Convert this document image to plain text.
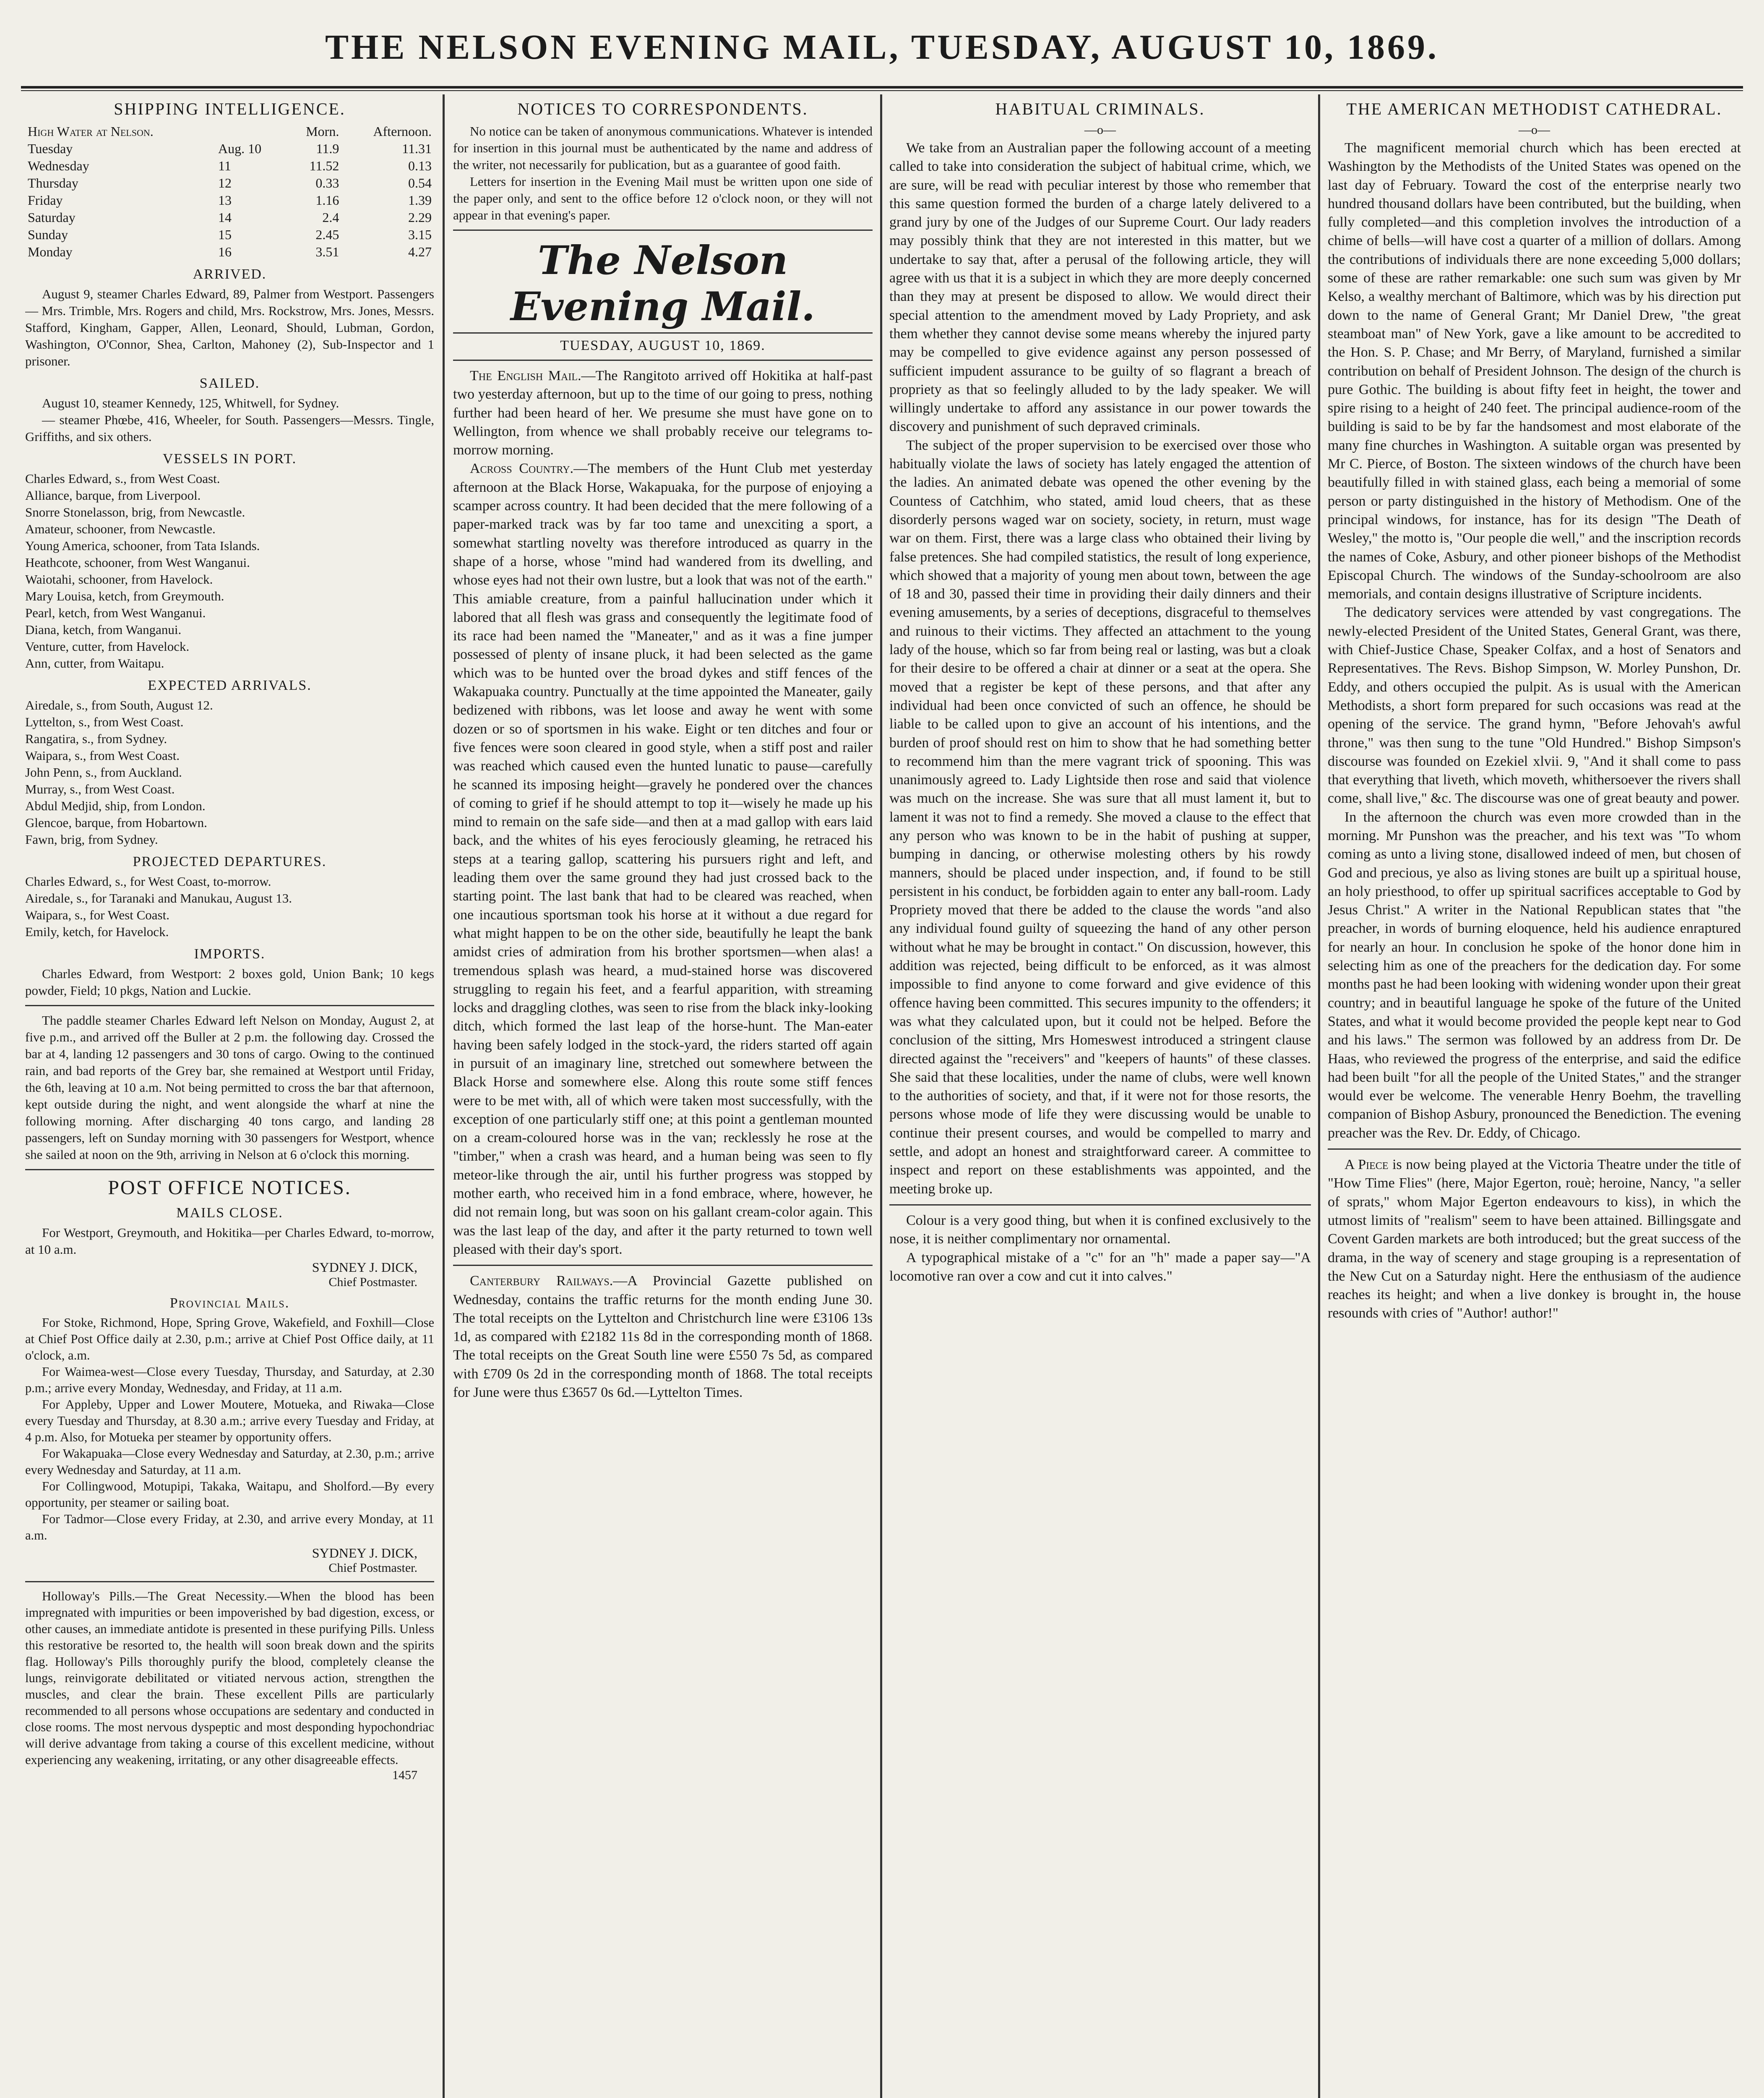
THE NELSON EVENING MAIL, TUESDAY, AUGUST 10, 1869.
SHIPPING INTELLIGENCE.
High Water at Nelson.		Morn.	Afternoon.
Tuesday	Aug. 10	11.9	11.31
Wednesday	11	11.52	0.13
Thursday	12	0.33	0.54
Friday	13	1.16	1.39
Saturday	14	2.4	2.29
Sunday	15	2.45	3.15
Monday	16	3.51	4.27
ARRIVED.

August 9, steamer Charles Edward, 89, Palmer from Westport. Passengers — Mrs. Trimble, Mrs. Rogers and child, Mrs. Rockstrow, Mrs. Jones, Messrs. Stafford, Kingham, Gapper, Allen, Leonard, Should, Lubman, Gordon, Washington, O'Connor, Shea, Carlton, Mahoney (2), Sub-Inspector and 1 prisoner.

SAILED.

August 10, steamer Kennedy, 125, Whitwell, for Sydney.

— steamer Phœbe, 416, Wheeler, for South. Passengers—Messrs. Tingle, Griffiths, and six others.

VESSELS IN PORT.

Charles Edward, s., from West Coast.

Alliance, barque, from Liverpool.

Snorre Stonelasson, brig, from Newcastle.

Amateur, schooner, from Newcastle.

Young America, schooner, from Tata Islands.

Heathcote, schooner, from West Wanganui.

Waiotahi, schooner, from Havelock.

Mary Louisa, ketch, from Greymouth.

Pearl, ketch, from West Wanganui.

Diana, ketch, from Wanganui.

Venture, cutter, from Havelock.

Ann, cutter, from Waitapu.

EXPECTED ARRIVALS.

Airedale, s., from South, August 12.

Lyttelton, s., from West Coast.

Rangatira, s., from Sydney.

Waipara, s., from West Coast.

John Penn, s., from Auckland.

Murray, s., from West Coast.

Abdul Medjid, ship, from London.

Glencoe, barque, from Hobartown.

Fawn, brig, from Sydney.

PROJECTED DEPARTURES.

Charles Edward, s., for West Coast, to-morrow.

Airedale, s., for Taranaki and Manukau, August 13.

Waipara, s., for West Coast.

Emily, ketch, for Havelock.

IMPORTS.

Charles Edward, from Westport: 2 boxes gold, Union Bank; 10 kegs powder, Field; 10 pkgs, Nation and Luckie.

The paddle steamer Charles Edward left Nelson on Monday, August 2, at five p.m., and arrived off the Buller at 2 p.m. the following day. Crossed the bar at 4, landing 12 passengers and 30 tons of cargo. Owing to the continued rain, and bad reports of the Grey bar, she remained at Westport until Friday, the 6th, leaving at 10 a.m. Not being permitted to cross the bar that afternoon, kept outside during the night, and went alongside the wharf at nine the following morning. After discharging 40 tons cargo, and landing 28 passengers, left on Sunday morning with 30 passengers for Westport, whence she sailed at noon on the 9th, arriving in Nelson at 6 o'clock this morning.

POST OFFICE NOTICES.
MAILS CLOSE.

For Westport, Greymouth, and Hokitika—per Charles Edward, to-morrow, at 10 a.m.

SYDNEY J. DICK,
Chief Postmaster.
Provincial Mails.

For Stoke, Richmond, Hope, Spring Grove, Wakefield, and Foxhill—Close at Chief Post Office daily at 2.30, p.m.; arrive at Chief Post Office daily, at 11 o'clock, a.m.

For Waimea-west—Close every Tuesday, Thursday, and Saturday, at 2.30 p.m.; arrive every Monday, Wednesday, and Friday, at 11 a.m.

For Appleby, Upper and Lower Moutere, Motueka, and Riwaka—Close every Tuesday and Thursday, at 8.30 a.m.; arrive every Tuesday and Friday, at 4 p.m. Also, for Motueka per steamer by opportunity offers.

For Wakapuaka—Close every Wednesday and Saturday, at 2.30, p.m.; arrive every Wednesday and Saturday, at 11 a.m.

For Collingwood, Motupipi, Takaka, Waitapu, and Sholford.—By every opportunity, per steamer or sailing boat.

For Tadmor—Close every Friday, at 2.30, and arrive every Monday, at 11 a.m.

SYDNEY J. DICK,
Chief Postmaster.

Holloway's Pills.—The Great Necessity.—When the blood has been impregnated with impurities or been impoverished by bad digestion, excess, or other causes, an immediate antidote is presented in these purifying Pills. Unless this restorative be resorted to, the health will soon break down and the spirits flag. Holloway's Pills thoroughly purify the blood, completely cleanse the lungs, reinvigorate debilitated or vitiated nervous action, strengthen the muscles, and clear the brain. These excellent Pills are particularly recommended to all persons whose occupations are sedentary and conducted in close rooms. The most nervous dyspeptic and most desponding hypochondriac will derive advantage from taking a course of this excellent medicine, without experiencing any weakening, irritating, or any other disagreeable effects.

1457
NOTICES TO CORRESPONDENTS.

No notice can be taken of anonymous communications. Whatever is intended for insertion in this journal must be authenticated by the name and address of the writer, not necessarily for publication, but as a guarantee of good faith.

Letters for insertion in the Evening Mail must be written upon one side of the paper only, and sent to the office before 12 o'clock noon, or they will not appear in that evening's paper.

The Nelson Evening Mail.
TUESDAY, AUGUST 10, 1869.

The English Mail.—The Rangitoto arrived off Hokitika at half-past two yesterday afternoon, but up to the time of our going to press, nothing further had been heard of her. We presume she must have gone on to Wellington, from whence we shall probably receive our telegrams to-morrow morning.

Across Country.—The members of the Hunt Club met yesterday afternoon at the Black Horse, Wakapuaka, for the purpose of enjoying a scamper across country. It had been decided that the mere following of a paper-marked track was by far too tame and unexciting a sport, a somewhat startling novelty was therefore introduced as quarry in the shape of a horse, whose "mind had wandered from its dwelling, and whose eyes had not their own lustre, but a look that was not of the earth." This amiable creature, from a painful hallucination under which it labored that all flesh was grass and consequently the legitimate food of its race had been named the "Maneater," and as it was a fine jumper possessed of plenty of insane pluck, it had been selected as the game which was to be hunted over the broad dykes and stiff fences of the Wakapuaka country. Punctually at the time appointed the Maneater, gaily bedizened with ribbons, was let loose and away he went with some dozen or so of sportsmen in his wake. Eight or ten ditches and four or five fences were soon cleared in good style, when a stiff post and railer was reached which caused even the hunted lunatic to pause—carefully he scanned its imposing height—gravely he pondered over the chances of coming to grief if he should attempt to top it—wisely he made up his mind to remain on the safe side—and then at a mad gallop with ears laid back, and the whites of his eyes ferociously gleaming, he retraced his steps at a tearing gallop, scattering his pursuers right and left, and leading them over the same ground they had just crossed back to the starting point. The last bank that had to be cleared was reached, when one incautious sportsman took his horse at it without a due regard for what might happen to be on the other side, beautifully he leapt the bank amidst cries of admiration from his brother sportsmen—when alas! a tremendous splash was heard, a mud-stained horse was discovered struggling to regain his feet, and a fearful apparition, with streaming locks and draggling clothes, was seen to rise from the black inky-looking ditch, which formed the last leap of the horse-hunt. The Man-eater having been safely lodged in the stock-yard, the riders started off again in pursuit of an imaginary line, stretched out somewhere between the Black Horse and somewhere else. Along this route some stiff fences were to be met with, all of which were taken most successfully, with the exception of one particularly stiff one; at this point a gentleman mounted on a cream-coloured horse was in the van; recklessly he rose at the "timber," when a crash was heard, and a human being was seen to fly meteor-like through the air, until his further progress was stopped by mother earth, who received him in a fond embrace, where, however, he did not remain long, but was soon on his gallant cream-color again. This was the last leap of the day, and after it the party returned to town well pleased with their day's sport.

Canterbury Railways.—A Provincial Gazette published on Wednesday, contains the traffic returns for the month ending June 30. The total receipts on the Lyttelton and Christchurch line were £3106 13s 1d, as compared with £2182 11s 8d in the corresponding month of 1868. The total receipts on the Great South line were £550 7s 5d, as compared with £709 0s 2d in the corresponding month of 1868. The total receipts for June were thus £3657 0s 6d.—Lyttelton Times.

HABITUAL CRIMINALS.
—o—

We take from an Australian paper the following account of a meeting called to take into consideration the subject of habitual crime, which, we are sure, will be read with peculiar interest by those who remember that this same question formed the burden of a charge lately delivered to a grand jury by one of the Judges of our Supreme Court. Our lady readers may possibly think that they are not interested in this matter, but we undertake to say that, after a perusal of the following article, they will agree with us that it is a subject in which they are more deeply concerned than they may at present be disposed to allow. We would direct their special attention to the amendment moved by Lady Propriety, and ask them whether they cannot devise some means whereby the injured party may be compelled to give evidence against any person possessed of sufficient impudent assurance to be guilty of so flagrant a breach of propriety as that so feelingly alluded to by the lady speaker. We will willingly undertake to afford any assistance in our power towards the discovery and punishment of such depraved criminals.

The subject of the proper supervision to be exercised over those who habitually violate the laws of society has lately engaged the attention of the ladies. An animated debate was opened the other evening by the Countess of Catchhim, who stated, amid loud cheers, that as these disorderly persons waged war on society, society, in return, must wage war on them. First, there was a large class who obtained their living by false pretences. She had compiled statistics, the result of long experience, which showed that a majority of young men about town, between the age of 18 and 30, passed their time in providing their daily dinners and their evening amusements, by a series of deceptions, disgraceful to themselves and ruinous to their victims. They affected an attachment to the young lady of the house, which so far from being real or lasting, was but a cloak for their desire to be offered a chair at dinner or a seat at the opera. She moved that a register be kept of these persons, and that after any individual had been once convicted of such an offence, he should be liable to be called upon to give an account of his intentions, and the burden of proof should rest on him to show that he had something better to recommend him than the mere vagrant trick of spooning. This was unanimously agreed to. Lady Lightside then rose and said that violence was much on the increase. She was sure that all must lament it, but to lament it was not to find a remedy. She moved a clause to the effect that any person who was known to be in the habit of pushing at supper, bumping in dancing, or otherwise molesting others by his rowdy manners, should be placed under inspection, and, if found to be still persistent in his conduct, be forbidden again to enter any ball-room. Lady Propriety moved that there be added to the clause the words "and also any individual found guilty of squeezing the hand of any other person without what he may be brought in contact." On discussion, however, this addition was rejected, being difficult to be enforced, as it was almost impossible to find anyone to come forward and give evidence of this offence having been committed. This secures impunity to the offenders; it was what they calculated upon, but it could not be helped. Before the conclusion of the sitting, Mrs Homeswest introduced a stringent clause directed against the "receivers" and "keepers of haunts" of these classes. She said that these localities, under the name of clubs, were well known to the authorities of society, and that, if it were not for those resorts, the persons whose mode of life they were discussing would be unable to continue their present courses, and would be compelled to marry and settle, and adopt an honest and straightforward career. A committee to inspect and report on these establishments was appointed, and the meeting broke up.

Colour is a very good thing, but when it is confined exclusively to the nose, it is neither complimentary nor ornamental.

A typographical mistake of a "c" for an "h" made a paper say—"A locomotive ran over a cow and cut it into calves."

THE AMERICAN METHODIST CATHEDRAL.
—o—

The magnificent memorial church which has been erected at Washington by the Methodists of the United States was opened on the last day of February. Toward the cost of the enterprise nearly two hundred thousand dollars have been contributed, but the building, when fully completed—and this completion involves the introduction of a chime of bells—will have cost a quarter of a million of dollars. Among the contributions of individuals there are none exceeding 5,000 dollars; some of these are rather remarkable: one such sum was given by Mr Kelso, a wealthy merchant of Baltimore, which was by his direction put down to the name of General Grant; Mr Daniel Drew, "the great steamboat man" of New York, gave a like amount to be accredited to the Hon. S. P. Chase; and Mr Berry, of Maryland, furnished a similar contribution on behalf of President Johnson. The design of the church is pure Gothic. The building is about fifty feet in height, the tower and spire rising to a height of 240 feet. The principal audience-room of the building is said to be by far the handsomest and most elaborate of the many fine churches in Washington. A suitable organ was presented by Mr C. Pierce, of Boston. The sixteen windows of the church have been beautifully filled in with stained glass, each being a memorial of some person or party distinguished in the history of Methodism. One of the principal windows, for instance, has for its design "The Death of Wesley," the motto is, "Our people die well," and the inscription records the names of Coke, Asbury, and other pioneer bishops of the Methodist Episcopal Church. The windows of the Sunday-schoolroom are also memorials, and contain designs illustrative of Scripture incidents.

The dedicatory services were attended by vast congregations. The newly-elected President of the United States, General Grant, was there, with Chief-Justice Chase, Speaker Colfax, and a host of Senators and Representatives. The Revs. Bishop Simpson, W. Morley Punshon, Dr. Eddy, and others occupied the pulpit. As is usual with the American Methodists, a short form prepared for such occasions was read at the opening of the service. The grand hymn, "Before Jehovah's awful throne," was then sung to the tune "Old Hundred." Bishop Simpson's discourse was founded on Ezekiel xlvii. 9, "And it shall come to pass that everything that liveth, which moveth, whithersoever the rivers shall come, shall live," &c. The discourse was one of great beauty and power.

In the afternoon the church was even more crowded than in the morning. Mr Punshon was the preacher, and his text was "To whom coming as unto a living stone, disallowed indeed of men, but chosen of God and precious, ye also as living stones are built up a spiritual house, an holy priesthood, to offer up spiritual sacrifices acceptable to God by Jesus Christ." A writer in the National Republican states that "the preacher, in words of burning eloquence, held his audience enraptured for nearly an hour. In conclusion he spoke of the honor done him in selecting him as one of the preachers for the dedication day. For some months past he had been looking with widening wonder upon their great country; and in beautiful language he spoke of the future of the United States, and what it would become provided the people kept near to God and his laws." The sermon was followed by an address from Dr. De Haas, who reviewed the progress of the enterprise, and said the edifice had been built "for all the people of the United States," and the stranger would ever be welcome. The venerable Henry Boehm, the travelling companion of Bishop Asbury, pronounced the Benediction. The evening preacher was the Rev. Dr. Eddy, of Chicago.

A Piece is now being played at the Victoria Theatre under the title of "How Time Flies" (here, Major Egerton, rouè; heroine, Nancy, "a seller of sprats," whom Major Egerton endeavours to kiss), in which the utmost limits of "realism" seem to have been attained. Billingsgate and Covent Garden markets are both introduced; but the great success of the drama, in the way of scenery and stage grouping is a representation of the New Cut on a Saturday night. Here the enthusiasm of the audience reaches its height; and when a live donkey is brought in, the house resounds with cries of "Author! author!"
